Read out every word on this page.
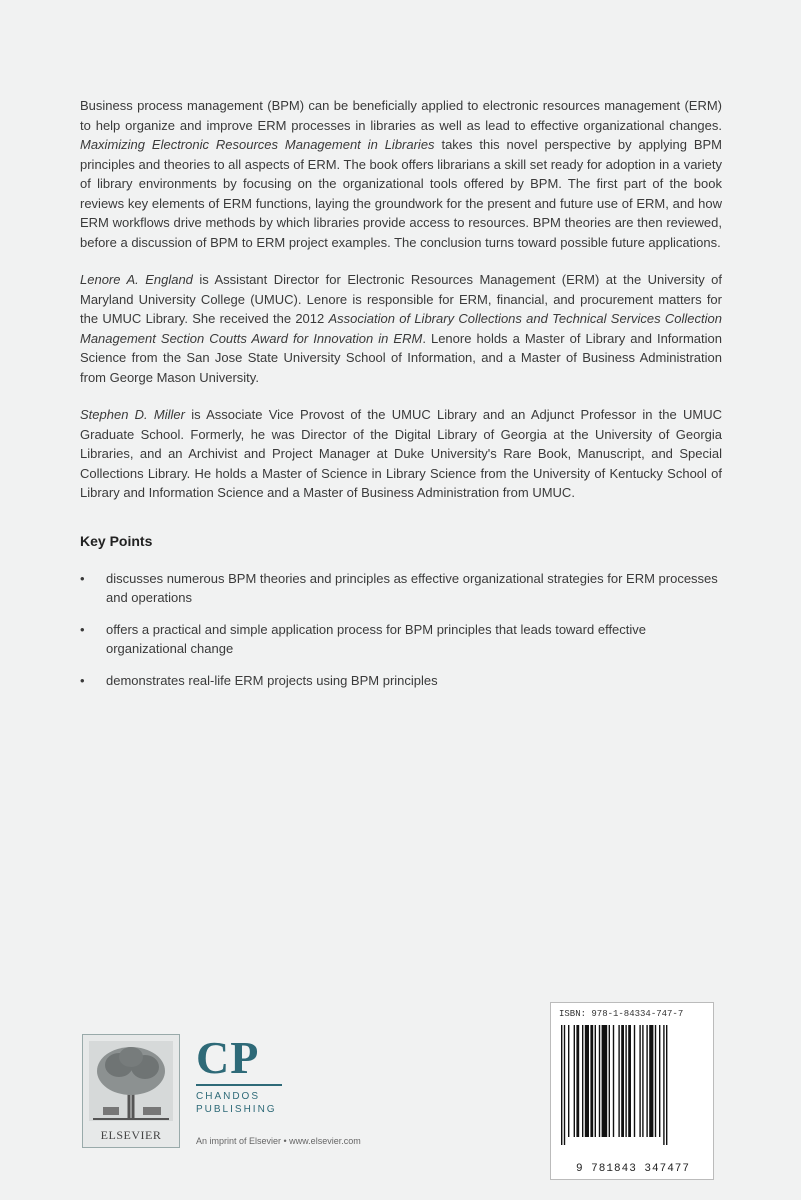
Business process management (BPM) can be beneficially applied to electronic resources management (ERM) to help organize and improve ERM processes in libraries as well as lead to effective organizational changes. Maximizing Electronic Resources Management in Libraries takes this novel perspective by applying BPM principles and theories to all aspects of ERM. The book offers librarians a skill set ready for adoption in a variety of library environments by focusing on the organizational tools offered by BPM. The first part of the book reviews key elements of ERM functions, laying the groundwork for the present and future use of ERM, and how ERM workflows drive methods by which libraries provide access to resources. BPM theories are then reviewed, before a discussion of BPM to ERM project examples. The conclusion turns toward possible future applications.

Lenore A. England is Assistant Director for Electronic Resources Management (ERM) at the University of Maryland University College (UMUC). Lenore is responsible for ERM, financial, and procurement matters for the UMUC Library. She received the 2012 Association of Library Collections and Technical Services Collection Management Section Coutts Award for Innovation in ERM. Lenore holds a Master of Library and Information Science from the San Jose State University School of Information, and a Master of Business Administration from George Mason University.

Stephen D. Miller is Associate Vice Provost of the UMUC Library and an Adjunct Professor in the UMUC Graduate School. Formerly, he was Director of the Digital Library of Georgia at the University of Georgia Libraries, and an Archivist and Project Manager at Duke University's Rare Book, Manuscript, and Special Collections Library. He holds a Master of Science in Library Science from the University of Kentucky School of Library and Information Science and a Master of Business Administration from UMUC.

Key Points
• discusses numerous BPM theories and principles as effective organizational strategies for ERM processes and operations
• offers a practical and simple application process for BPM principles that leads toward effective organizational change
• demonstrates real-life ERM projects using BPM principles
ELSEVIER
CP
CHANDOS
PUBLISHING
An imprint of Elsevier • www.elsevier.com
ISBN: 978-1-84334-747-7
9 781843 347477
